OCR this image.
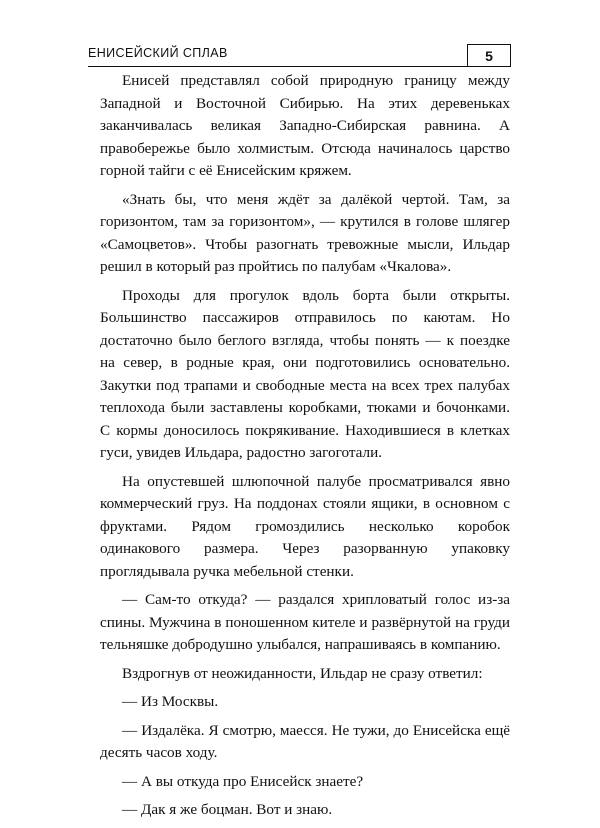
ЕНИСЕЙСКИЙ СПЛАВ	5

Енисей представлял собой природную границу между Западной и Восточной Сибирью. На этих деревеньках заканчивалась великая Западно-Сибирская равнина. А правобережье было холмистым. Отсюда начиналось царство горной тайги с её Енисейским кряжем.

«Знать бы, что меня ждёт за далёкой чертой. Там, за горизонтом, там за горизонтом», — крутился в голове шлягер «Самоцветов». Чтобы разогнать тревожные мысли, Ильдар решил в который раз пройтись по палубам «Чкалова».

Проходы для прогулок вдоль борта были открыты. Большинство пассажиров отправилось по каютам. Но достаточно было беглого взгляда, чтобы понять — к поездке на север, в родные края, они подготовились основательно. Закутки под трапами и свободные места на всех трех палубах теплохода были заставлены коробками, тюками и бочонками. С кормы доносилось покрякивание. Находившиеся в клетках гуси, увидев Ильдара, радостно загоготали.

На опустевшей шлюпочной палубе просматривался явно коммерческий груз. На поддонах стояли ящики, в основном с фруктами. Рядом громоздились несколько коробок одинакового размера. Через разорванную упаковку проглядывала ручка мебельной стенки.

— Сам-то откуда? — раздался хрипловатый голос из-за спины. Мужчина в поношенном кителе и развёрнутой на груди тельняшке добродушно улыбался, напрашиваясь в компанию.

Вздрогнув от неожиданности, Ильдар не сразу ответил:

— Из Москвы.

— Издалёка. Я смотрю, маесся. Не тужи, до Енисейска ещё десять часов ходу.

— А вы откуда про Енисейск знаете?

— Дак я же боцман. Вот и знаю.
